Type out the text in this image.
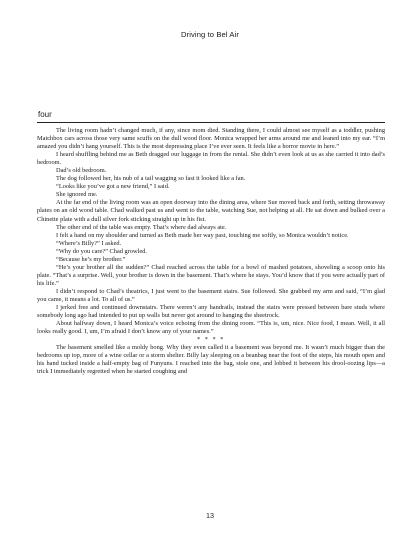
Driving to Bel Air
four

The living room hadn’t changed much, if any, since mom died. Standing there, I could almost see myself as a toddler, pushing Matchbox cars across those very same scuffs on the dull wood floor. Monica wrapped her arms around me and leaned into my ear. “I’m amazed you didn’t hang yourself. This is the most depressing place I’ve ever seen. It feels like a horror movie in here.”

I heard shuffling behind me as Beth dragged our luggage in from the rental. She didn’t even look at us as she carried it into dad’s bedroom.

Dad’s old bedroom.

The dog followed her, his nub of a tail wagging so fast it looked like a fan.

“Looks like you’ve got a new friend,” I said.

She ignored me.

At the far end of the living room was an open doorway into the dining area, where Sue moved back and forth, setting throwaway plates on an old wood table. Chad walked past us and went to the table, watching Sue, not helping at all. He sat down and bulked over a Chinette plate with a dull silver fork sticking straight up in his fist.

The other end of the table was empty. That’s where dad always ate.

I felt a hand on my shoulder and turned as Beth made her way past, touching me softly, so Monica wouldn’t notice.

“Where’s Billy?” I asked.

“Why do you care?” Chad growled.

“Because he’s my brother.”

“He’s your brother all the sudden?” Chad reached across the table for a bowl of mashed potatoes, shoveling a scoop onto his plate. “That’s a surprise. Well, your brother is down in the basement. That’s where he stays. You’d know that if you were actually part of his life.”

I didn’t respond to Chad’s theatrics, I just went to the basement stairs. Sue followed. She grabbed my arm and said, “I’m glad you came, it means a lot. To all of us.”

I jerked free and continued downstairs. There weren’t any handrails, instead the stairs were pressed between bare studs where somebody long ago had intended to put up walls but never got around to hanging the sheetrock.

About halfway down, I heard Monica’s voice echoing from the dining room. “This is, um, nice. Nice food, I mean. Well, it all looks really good. I, um, I’m afraid I don’t know any of your names.”

* * * *

The basement smelled like a moldy bong. Why they even called it a basement was beyond me. It wasn’t much bigger than the bedrooms up top, more of a wine cellar or a storm shelter. Billy lay sleeping on a beanbag near the foot of the steps, his mouth open and his hand tucked inside a half-empty bag of Funyuns. I reached into the bag, stole one, and lobbed it between his drool-oozing lips—a trick I immediately regretted when he started coughing and

13
